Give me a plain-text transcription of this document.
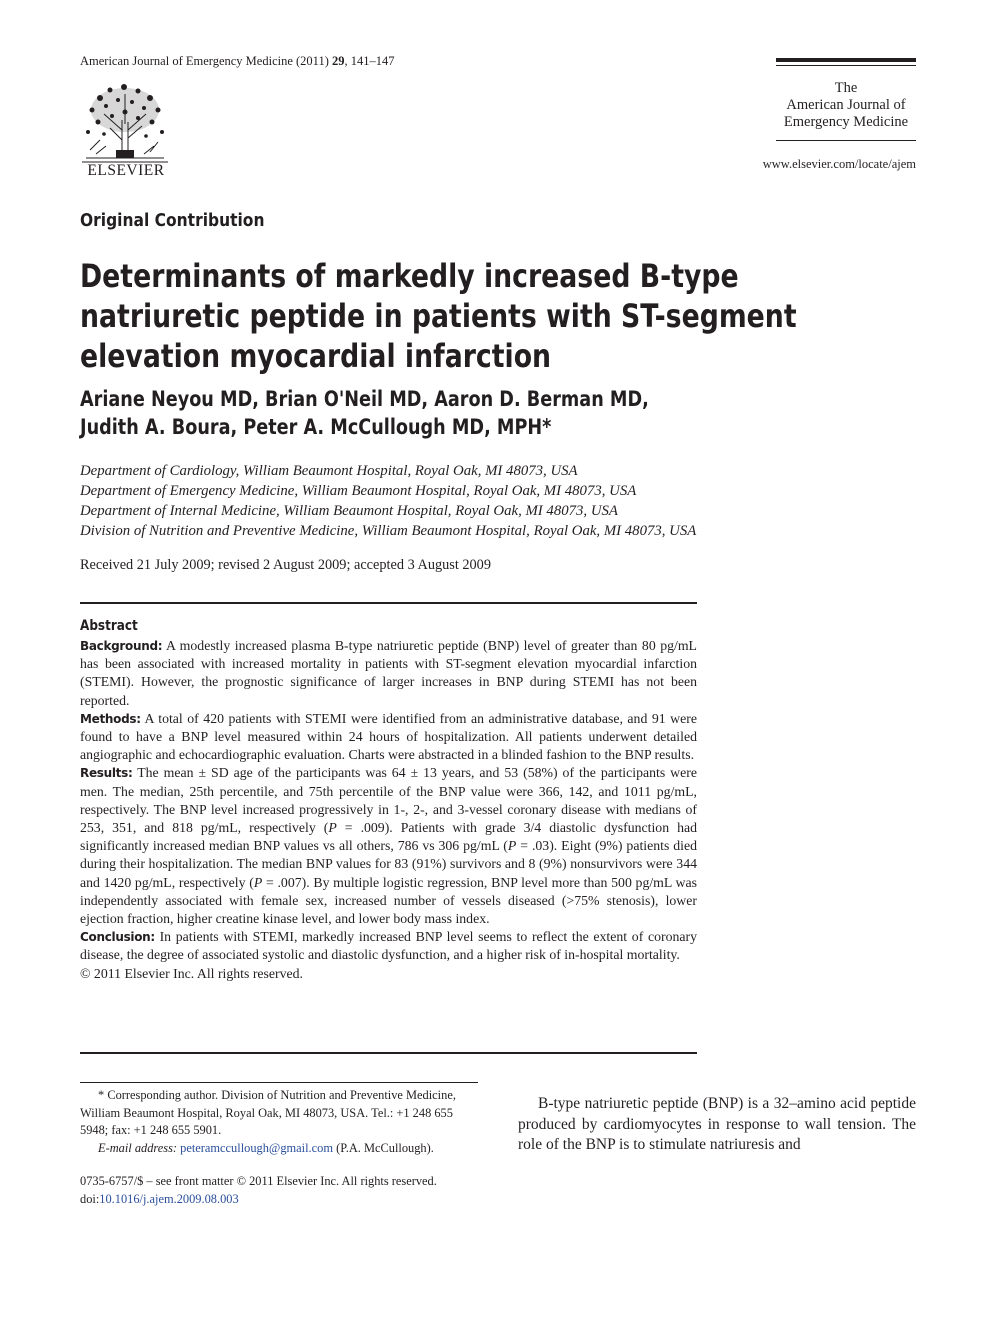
American Journal of Emergency Medicine (2011) 29, 141–147
ELSEVIER
The
American Journal of
Emergency Medicine
www.elsevier.com/locate/ajem
Original Contribution
Determinants of markedly increased B-type natriuretic peptide in patients with ST-segment elevation myocardial infarction
Ariane Neyou MD, Brian O'Neil MD, Aaron D. Berman MD,
Judith A. Boura, Peter A. McCullough MD, MPH*
Department of Cardiology, William Beaumont Hospital, Royal Oak, MI 48073, USA
Department of Emergency Medicine, William Beaumont Hospital, Royal Oak, MI 48073, USA
Department of Internal Medicine, William Beaumont Hospital, Royal Oak, MI 48073, USA
Division of Nutrition and Preventive Medicine, William Beaumont Hospital, Royal Oak, MI 48073, USA
Received 21 July 2009; revised 2 August 2009; accepted 3 August 2009
Abstract

Background: A modestly increased plasma B-type natriuretic peptide (BNP) level of greater than 80 pg/mL has been associated with increased mortality in patients with ST-segment elevation myocardial infarction (STEMI). However, the prognostic significance of larger increases in BNP during STEMI has not been reported.

Methods: A total of 420 patients with STEMI were identified from an administrative database, and 91 were found to have a BNP level measured within 24 hours of hospitalization. All patients underwent detailed angiographic and echocardiographic evaluation. Charts were abstracted in a blinded fashion to the BNP results.

Results: The mean ± SD age of the participants was 64 ± 13 years, and 53 (58%) of the participants were men. The median, 25th percentile, and 75th percentile of the BNP value were 366, 142, and 1011 pg/mL, respectively. The BNP level increased progressively in 1-, 2-, and 3-vessel coronary disease with medians of 253, 351, and 818 pg/mL, respectively (P = .009). Patients with grade 3/4 diastolic dysfunction had significantly increased median BNP values vs all others, 786 vs 306 pg/mL (P = .03). Eight (9%) patients died during their hospitalization. The median BNP values for 83 (91%) survivors and 8 (9%) nonsurvivors were 344 and 1420 pg/mL, respectively (P = .007). By multiple logistic regression, BNP level more than 500 pg/mL was independently associated with female sex, increased number of vessels diseased (>75% stenosis), lower ejection fraction, higher creatine kinase level, and lower body mass index.

Conclusion: In patients with STEMI, markedly increased BNP level seems to reflect the extent of coronary disease, the degree of associated systolic and diastolic dysfunction, and a higher risk of in-hospital mortality.

© 2011 Elsevier Inc. All rights reserved.

* Corresponding author. Division of Nutrition and Preventive Medicine, William Beaumont Hospital, Royal Oak, MI 48073, USA. Tel.: +1 248 655 5948; fax: +1 248 655 5901.

E-mail address: peteramccullough@gmail.com (P.A. McCullough).

0735-6757/$ – see front matter © 2011 Elsevier Inc. All rights reserved.
doi:10.1016/j.ajem.2009.08.003

B-type natriuretic peptide (BNP) is a 32–amino acid peptide produced by cardiomyocytes in response to wall tension. The role of the BNP is to stimulate natriuresis and
